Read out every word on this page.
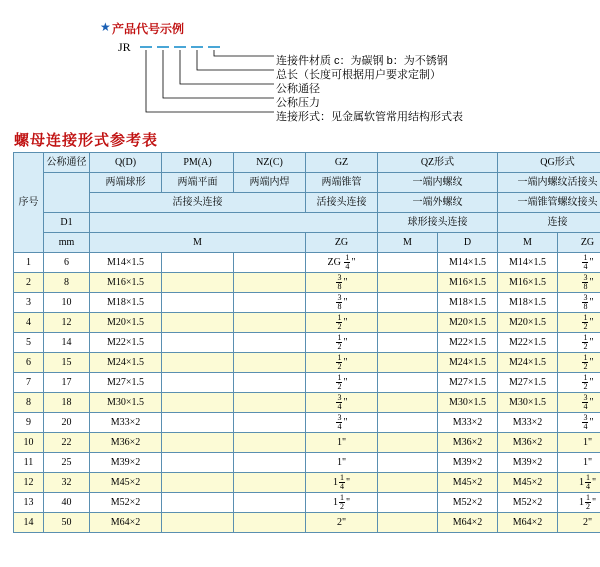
★ 产品代号示例
JR
连接件材质 c：为碳钢 b：为不锈钢
总长（长度可根据用户要求定制）
公称通径
公称压力
连接形式：见金属软管常用结构形式表
螺母连接形式参考表
序号	公称通径	Q(D)	PM(A)	NZ(C)	GZ	QZ形式		QG形式	
		两端球形	两端平面	两端内焊	两端锥管	一端内螺纹		一端内螺纹活接头	
		活接头连接			活接头连接	一端外螺纹		一端锥管螺纹接头	
	D1					球形接头连接		连接	
	mm	M			ZG	M	D	M	ZG
1	6	M14×1.5			ZG $\frac{1}{4}$ "		M14×1.5	M14×1.5	$\frac{1}{4}$ "
2	8	M16×1.5			$\frac{3}{8}$ "		M16×1.5	M16×1.5	$\frac{3}{8}$ "
3	10	M18×1.5			$\frac{3}{8}$ "		M18×1.5	M18×1.5	$\frac{3}{8}$ "
4	12	M20×1.5			$\frac{1}{2}$ "		M20×1.5	M20×1.5	$\frac{1}{2}$ "
5	14	M22×1.5			$\frac{1}{2}$ "		M22×1.5	M22×1.5	$\frac{1}{2}$ "
6	15	M24×1.5			$\frac{1}{2}$ "		M24×1.5	M24×1.5	$\frac{1}{2}$ "
7	17	M27×1.5			$\frac{1}{2}$ "		M27×1.5	M27×1.5	$\frac{1}{2}$ "
8	18	M30×1.5			$\frac{3}{4}$ "		M30×1.5	M30×1.5	$\frac{3}{4}$ "
9	20	M33×2			$\frac{3}{4}$ "		M33×2	M33×2	$\frac{3}{4}$ "
10	22	M36×2			1"		M36×2	M36×2	1"
11	25	M39×2			1"		M39×2	M39×2	1"
12	32	M45×2			$1 \frac{1}{4}$ "		M45×2	M45×2	$1 \frac{1}{4}$ "
13	40	M52×2			$1 \frac{1}{2}$ "		M52×2	M52×2	$1 \frac{1}{2}$ "
14	50	M64×2			2"		M64×2	M64×2	2"
